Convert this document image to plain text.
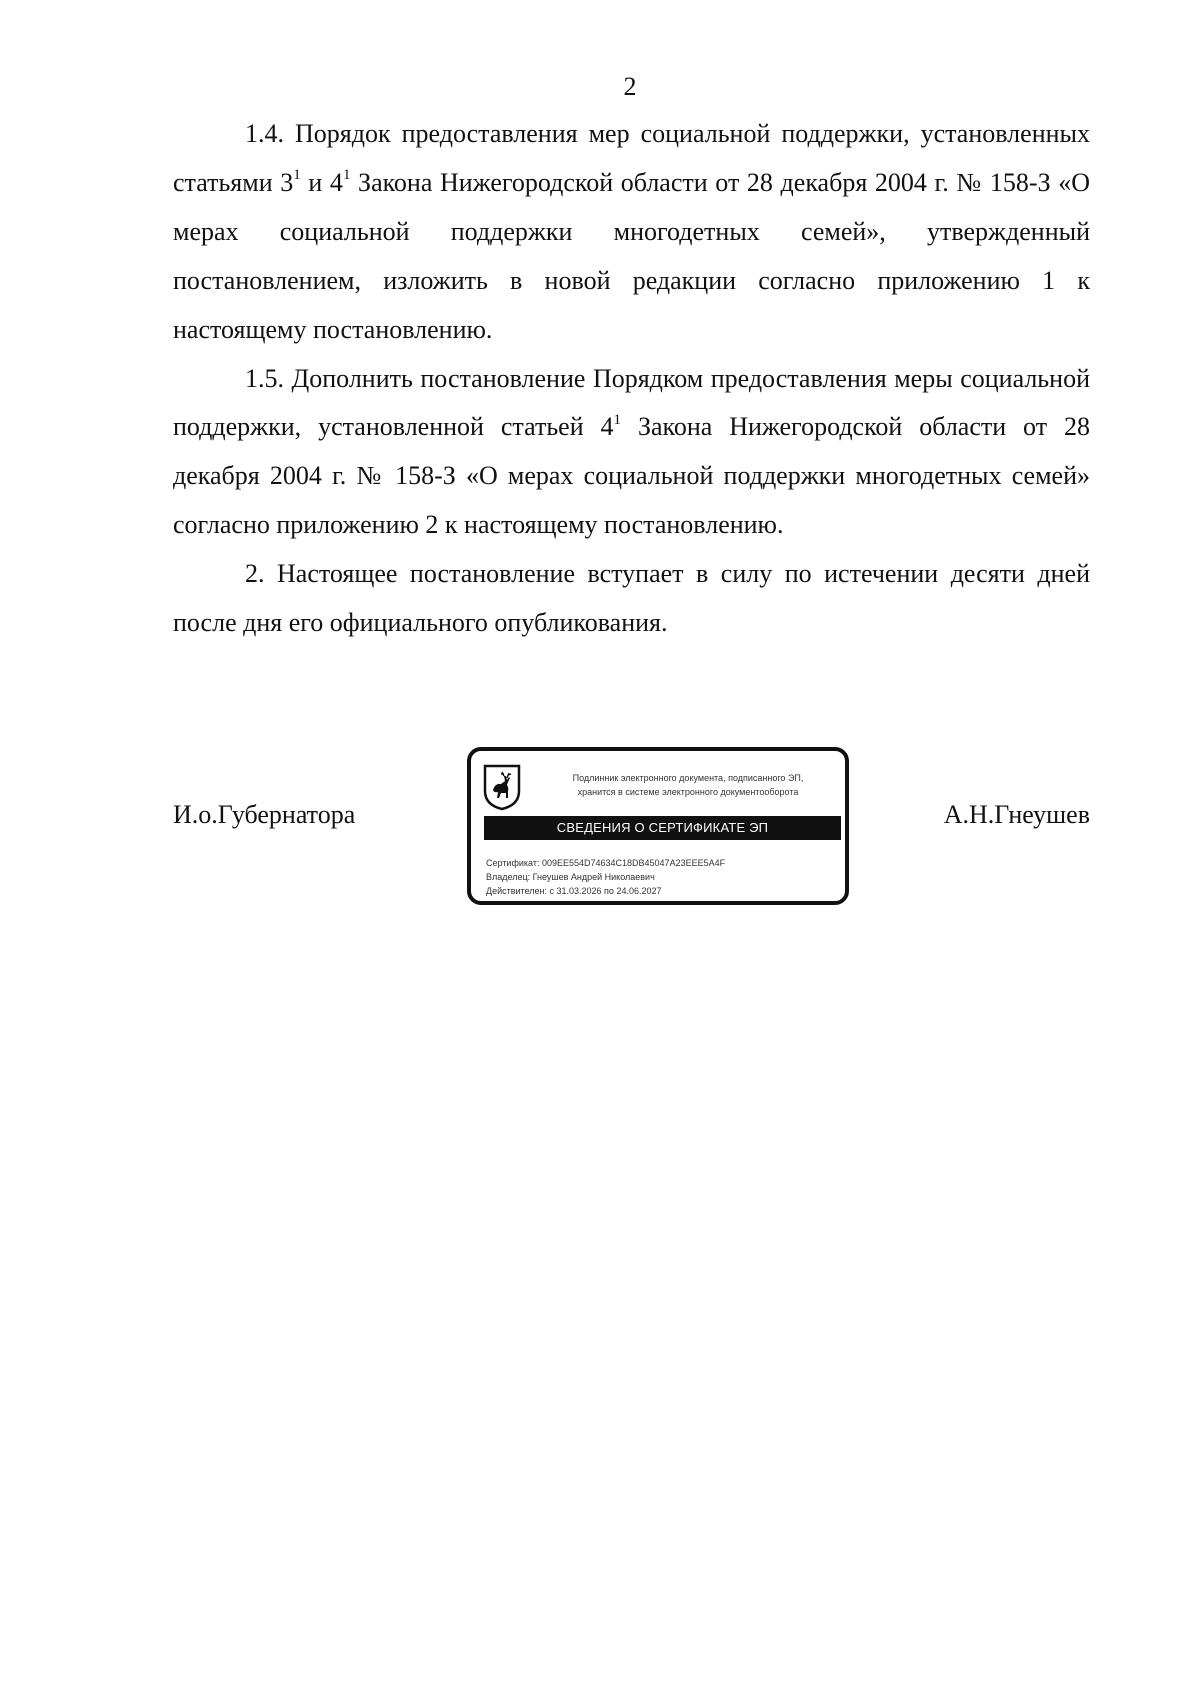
2

1.4. Порядок предоставления мер социальной поддержки, установленных статьями $3^1$ и $4^1$ Закона Нижегородской области от 28 декабря 2004 г. № 158-З «О мерах социальной поддержки многодетных семей», утвержденный постановлением, изложить в новой редакции согласно приложению 1 к настоящему постановлению.

1.5. Дополнить постановление Порядком предоставления меры социальной поддержки, установленной статьей $4^1$ Закона Нижегородской области от 28 декабря 2004 г. № 158-З «О мерах социальной поддержки многодетных семей» согласно приложению 2 к настоящему постановлению.

2. Настоящее постановление вступает в силу по истечении десяти дней после дня его официального опубликования.

И.о.Губернатора	А.Н.Гнеушев
Подлинник электронного документа, подписанного ЭП,
хранится в системе электронного документооборота
СВЕДЕНИЯ О СЕРТИФИКАТЕ ЭП
Сертификат: 009EE554D74634C18DB45047A23EEE5A4F
Владелец: Гнеушев Андрей Николаевич
Действителен: с 31.03.2026 по 24.06.2027
